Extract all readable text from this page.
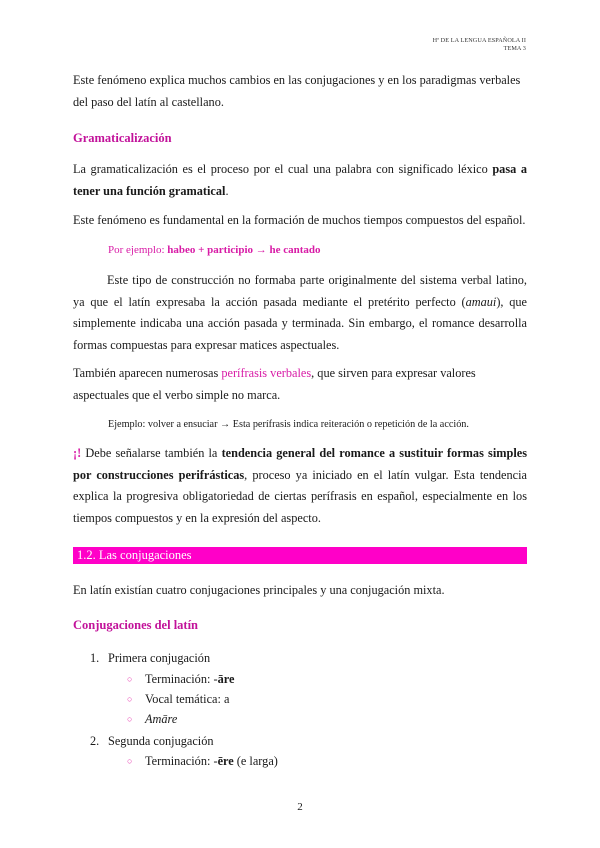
Hª DE LA LENGUA ESPAÑOLA II
TEMA 3

Este fenómeno explica muchos cambios en las conjugaciones y en los paradigmas verbales del paso del latín al castellano.

Gramaticalización

La gramaticalización es el proceso por el cual una palabra con significado léxico pasa a tener una función gramatical.

Este fenómeno es fundamental en la formación de muchos tiempos compuestos del español.

Por ejemplo: habeo + participio → he cantado

Este tipo de construcción no formaba parte originalmente del sistema verbal latino, ya que el latín expresaba la acción pasada mediante el pretérito perfecto (amaui), que simplemente indicaba una acción pasada y terminada. Sin embargo, el romance desarrolla formas compuestas para expresar matices aspectuales.

También aparecen numerosas perífrasis verbales, que sirven para expresar valores aspectuales que el verbo simple no marca.

Ejemplo: volver a ensuciar → Esta perífrasis indica reiteración o repetición de la acción.

¡! Debe señalarse también la tendencia general del romance a sustituir formas simples por construcciones perifrásticas, proceso ya iniciado en el latín vulgar. Esta tendencia explica la progresiva obligatoriedad de ciertas perífrasis en español, especialmente en los tiempos compuestos y en la expresión del aspecto.

1.2. Las conjugaciones

En latín existían cuatro conjugaciones principales y una conjugación mixta.

Conjugaciones del latín
1. Primera conjugación
○ Terminación: -āre
○ Vocal temática: a
○ Amāre
2. Segunda conjugación
○ Terminación: -ēre (e larga)
2
